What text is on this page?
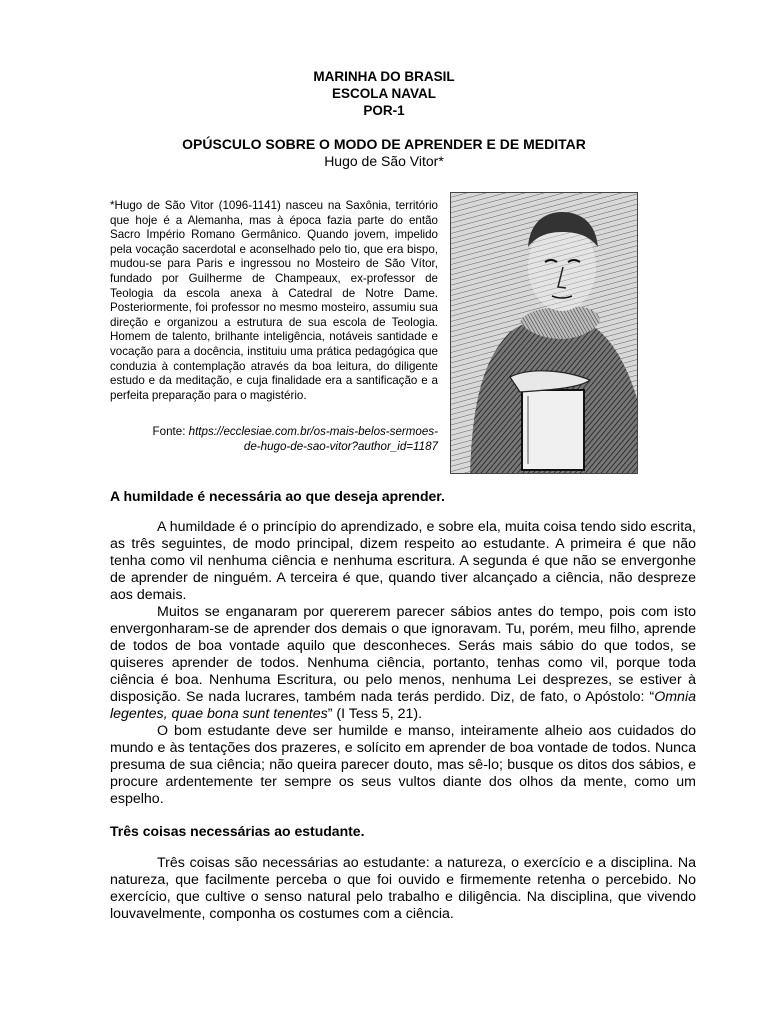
MARINHA DO BRASIL
ESCOLA NAVAL
POR-1
OPÚSCULO SOBRE O MODO DE APRENDER E DE MEDITAR
Hugo de São Vitor*

*Hugo de São Vitor (1096-1141) nasceu na Saxônia, território que hoje é a Alemanha, mas à época fazia parte do então Sacro Império Romano Germânico. Quando jovem, impelido pela vocação sacerdotal e aconselhado pelo tio, que era bispo, mudou-se para Paris e ingressou no Mosteiro de São Vítor, fundado por Guilherme de Champeaux, ex-professor de Teologia da escola anexa à Catedral de Notre Dame. Posteriormente, foi professor no mesmo mosteiro, assumiu sua direção e organizou a estrutura de sua escola de Teologia. Homem de talento, brilhante inteligência, notáveis santidade e vocação para a docência, instituiu uma prática pedagógica que conduzia à contemplação através da boa leitura, do diligente estudo e da meditação, e cuja finalidade era a santificação e a perfeita preparação para o magistério.

Fonte: https://ecclesiae.com.br/os-mais-belos-sermoes-
de-hugo-de-sao-vitor?author_id=1187

A humildade é necessária ao que deseja aprender.

A humildade é o princípio do aprendizado, e sobre ela, muita coisa tendo sido escrita, as três seguintes, de modo principal, dizem respeito ao estudante. A primeira é que não tenha como vil nenhuma ciência e nenhuma escritura. A segunda é que não se envergonhe de aprender de ninguém. A terceira é que, quando tiver alcançado a ciência, não despreze aos demais.

Muitos se enganaram por quererem parecer sábios antes do tempo, pois com isto envergonharam-se de aprender dos demais o que ignoravam. Tu, porém, meu filho, aprende de todos de boa vontade aquilo que desconheces. Serás mais sábio do que todos, se quiseres aprender de todos. Nenhuma ciência, portanto, tenhas como vil, porque toda ciência é boa. Nenhuma Escritura, ou pelo menos, nenhuma Lei desprezes, se estiver à disposição. Se nada lucrares, também nada terás perdido. Diz, de fato, o Apóstolo: “Omnia legentes, quae bona sunt tenentes” (I Tess 5, 21).

O bom estudante deve ser humilde e manso, inteiramente alheio aos cuidados do mundo e às tentações dos prazeres, e solícito em aprender de boa vontade de todos. Nunca presuma de sua ciência; não queira parecer douto, mas sê-lo; busque os ditos dos sábios, e procure ardentemente ter sempre os seus vultos diante dos olhos da mente, como um espelho.

Três coisas necessárias ao estudante.

Três coisas são necessárias ao estudante: a natureza, o exercício e a disciplina. Na natureza, que facilmente perceba o que foi ouvido e firmemente retenha o percebido. No exercício, que cultive o senso natural pelo trabalho e diligência. Na disciplina, que vivendo louvavelmente, componha os costumes com a ciência.
